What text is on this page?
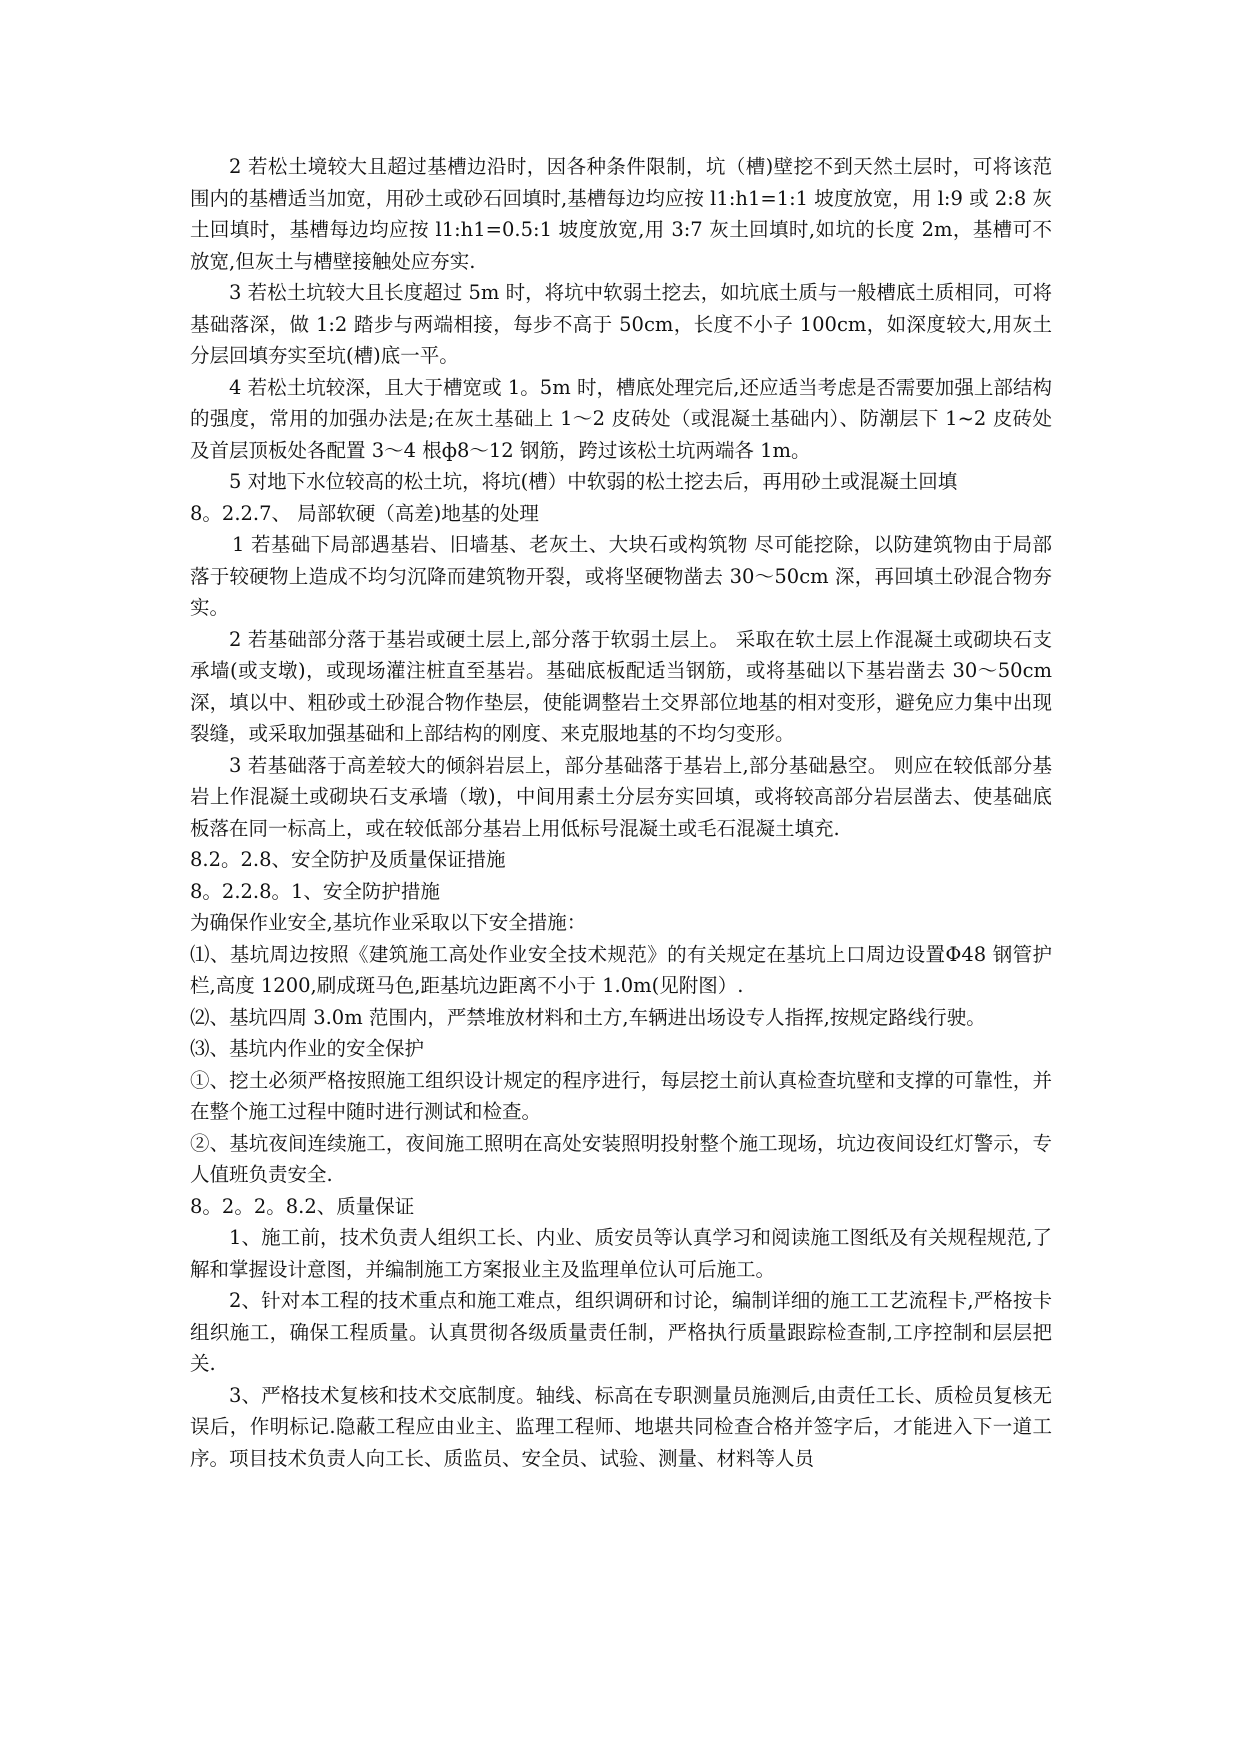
2 若松土境较大且超过基槽边沿时，因各种条件限制，坑（槽)壁挖不到天然土层时，可将该范围内的基槽适当加宽，用砂土或砂石回填时,基槽每边均应按 l1:h1=1:1 坡度放宽，用 l:9 或 2:8 灰土回填时，基槽每边均应按 l1:h1=0.5:1 坡度放宽,用 3:7 灰土回填时,如坑的长度 2m，基槽可不放宽,但灰土与槽壁接触处应夯实.

3 若松土坑较大且长度超过 5m 时，将坑中软弱土挖去，如坑底土质与一般槽底土质相同，可将基础落深，做 1:2 踏步与两端相接，每步不高于 50cm，长度不小子 100cm，如深度较大,用灰土分层回填夯实至坑(槽)底一平。

4 若松土坑较深，且大于槽宽或 1。5m 时，槽底处理完后,还应适当考虑是否需要加强上部结构的强度，常用的加强办法是;在灰土基础上 1～2 皮砖处（或混凝土基础内）、防潮层下 1~2 皮砖处及首层顶板处各配置 3～4 根ф8～12 钢筋，跨过该松土坑两端各 1m。

5 对地下水位较高的松土坑，将坑(槽）中软弱的松土挖去后，再用砂土或混凝土回填

8。2.2.7、 局部软硬（高差)地基的处理

1 若基础下局部遇基岩、旧墙基、老灰土、大块石或构筑物 尽可能挖除，以防建筑物由于局部落于较硬物上造成不均匀沉降而建筑物开裂，或将坚硬物凿去 30～50cm 深，再回填土砂混合物夯实。

2 若基础部分落于基岩或硬土层上,部分落于软弱土层上。 采取在软土层上作混凝土或砌块石支承墙(或支墩)，或现场灌注桩直至基岩。基础底板配适当钢筋，或将基础以下基岩凿去 30～50cm 深，填以中、粗砂或土砂混合物作垫层，使能调整岩土交界部位地基的相对变形，避免应力集中出现裂缝，或采取加强基础和上部结构的刚度、来克服地基的不均匀变形。

3 若基础落于高差较大的倾斜岩层上，部分基础落于基岩上,部分基础悬空。 则应在较低部分基岩上作混凝土或砌块石支承墙（墩)，中间用素土分层夯实回填，或将较高部分岩层凿去、使基础底板落在同一标高上，或在较低部分基岩上用低标号混凝土或毛石混凝土填充.

8.2。2.8、安全防护及质量保证措施

8。2.2.8。1、安全防护措施

为确保作业安全,基坑作业采取以下安全措施：

⑴、基坑周边按照《建筑施工高处作业安全技术规范》的有关规定在基坑上口周边设置Φ48 钢管护栏,高度 1200,刷成斑马色,距基坑边距离不小于 1.0m(见附图）.

⑵、基坑四周 3.0m 范围内，严禁堆放材料和土方,车辆进出场设专人指挥,按规定路线行驶。

⑶、基坑内作业的安全保护

①、挖土必须严格按照施工组织设计规定的程序进行，每层挖土前认真检查坑壁和支撑的可靠性，并在整个施工过程中随时进行测试和检查。

②、基坑夜间连续施工，夜间施工照明在高处安装照明投射整个施工现场，坑边夜间设红灯警示，专人值班负责安全.

8。2。2。8.2、质量保证

1、施工前，技术负责人组织工长、内业、质安员等认真学习和阅读施工图纸及有关规程规范,了解和掌握设计意图，并编制施工方案报业主及监理单位认可后施工。

2、针对本工程的技术重点和施工难点，组织调研和讨论，编制详细的施工工艺流程卡,严格按卡组织施工，确保工程质量。认真贯彻各级质量责任制，严格执行质量跟踪检查制,工序控制和层层把关.

3、严格技术复核和技术交底制度。轴线、标高在专职测量员施测后,由责任工长、质检员复核无误后，作明标记.隐蔽工程应由业主、监理工程师、地堪共同检查合格并签字后，才能进入下一道工序。项目技术负责人向工长、质监员、安全员、试验、测量、材料等人员
